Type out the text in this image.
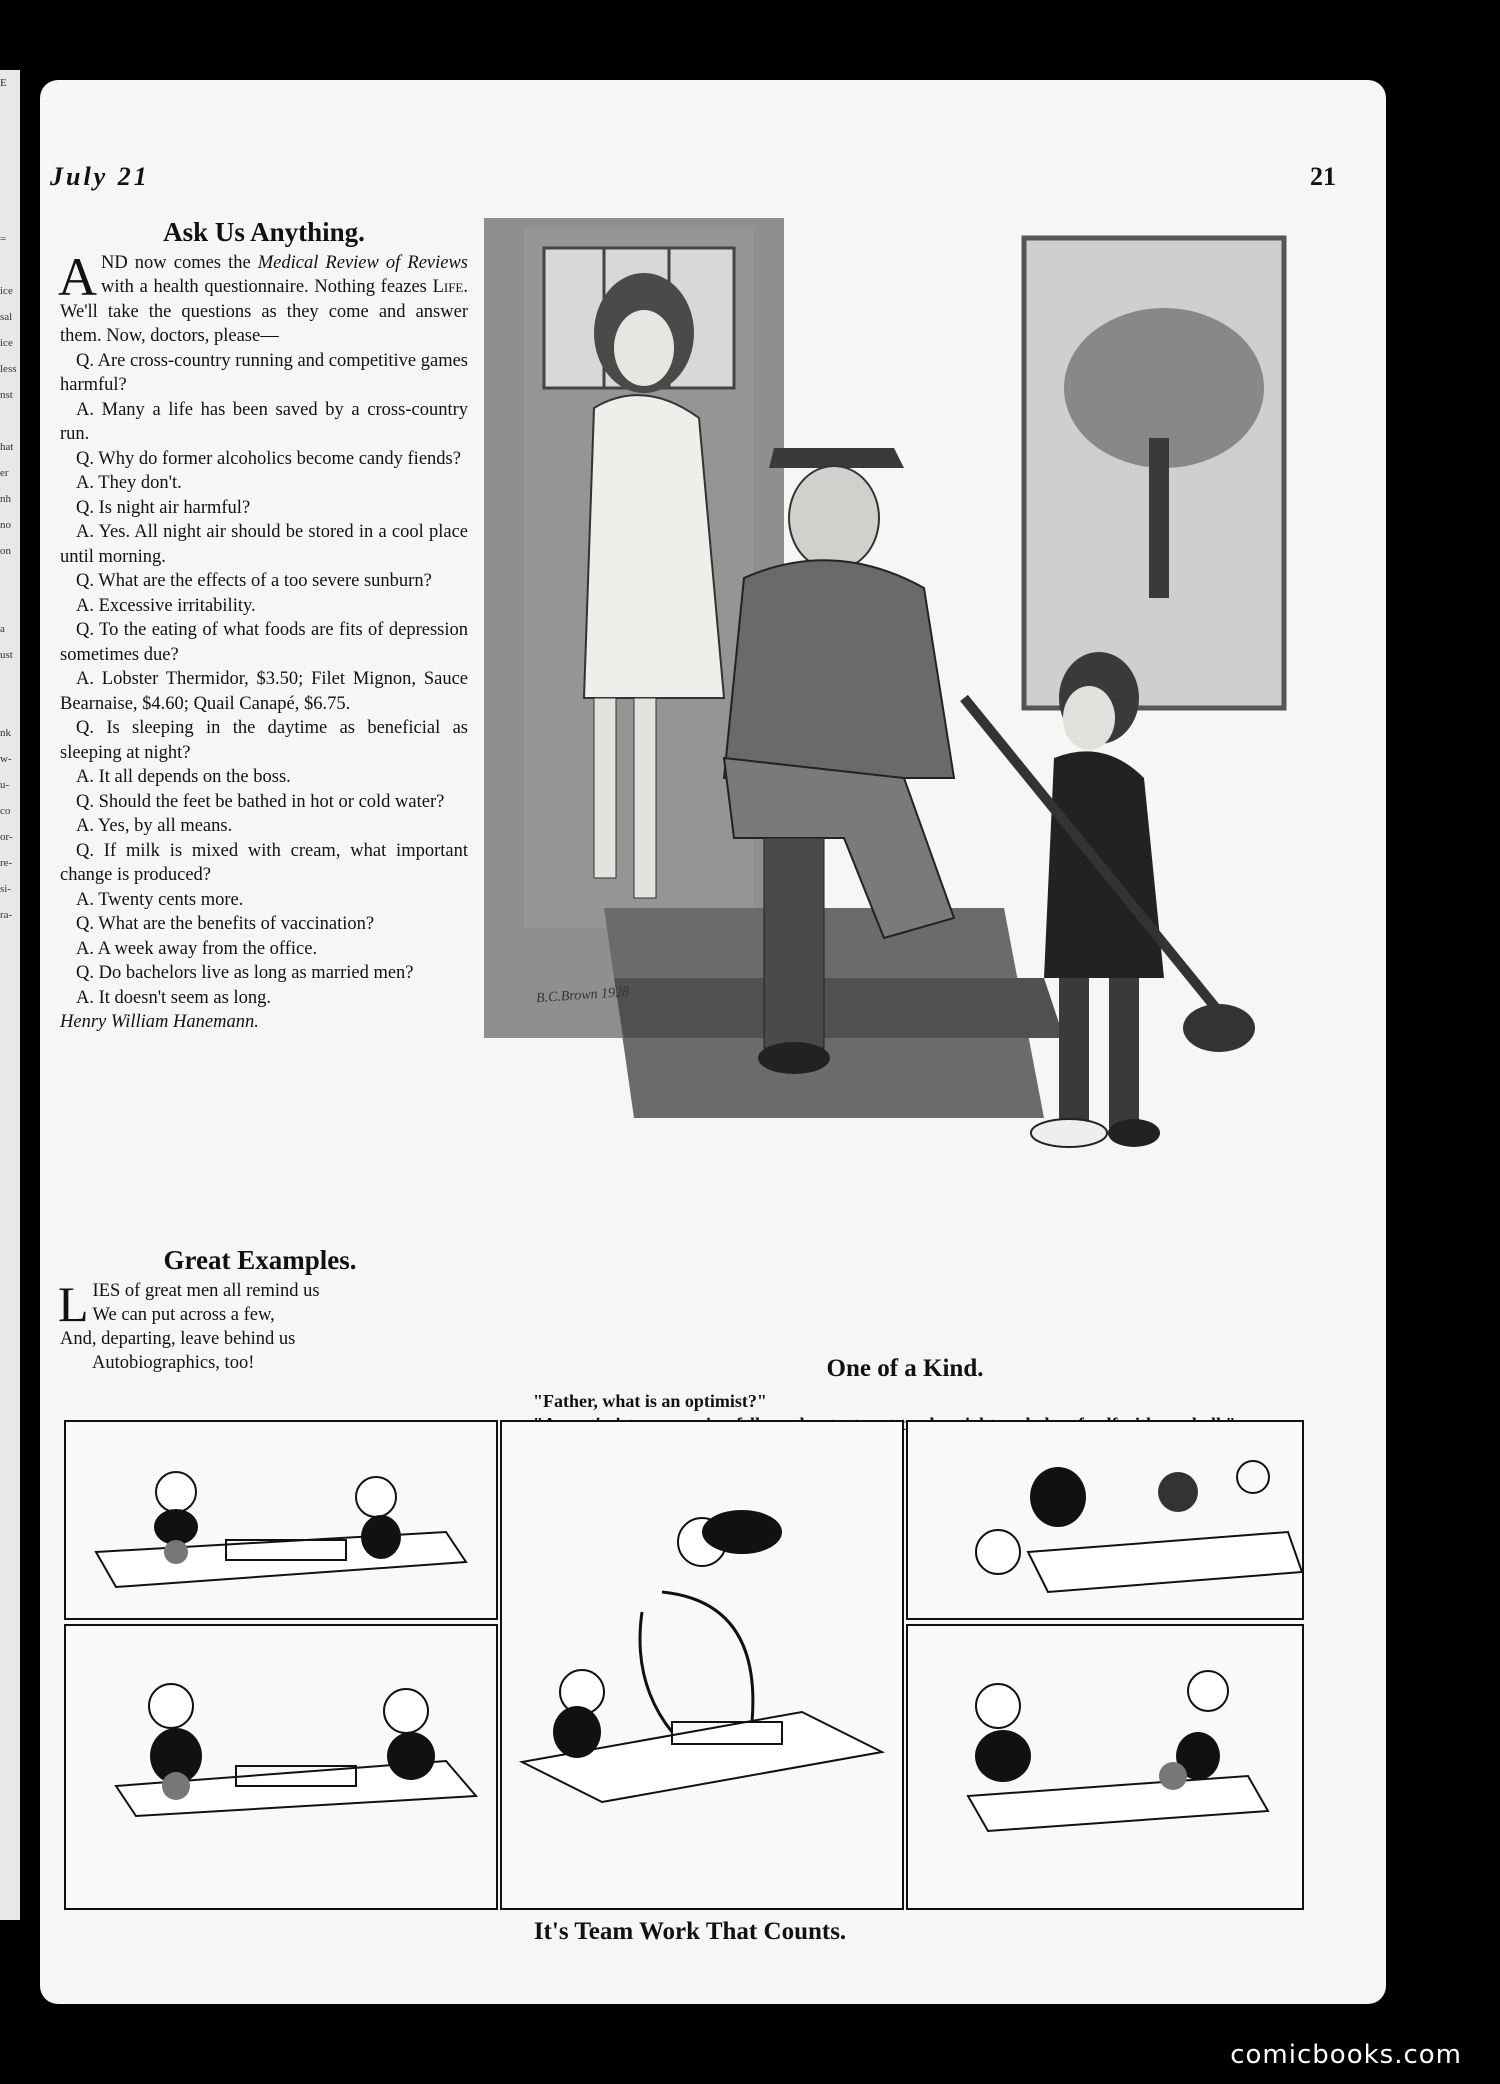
E

=

ice
sal
ice
less
nst

hat
er
nh
no
on

a
ust

nk
w-
u-
co
or-
re-
si-
ra-
July 21	21
Ask Us Anything.

AND now comes the Medical Review of Reviews with a health questionnaire. Nothing feazes Life. We'll take the questions as they come and answer them. Now, doctors, please—

Q. Are cross-country running and competitive games harmful?

A. Many a life has been saved by a cross-country run.

Q. Why do former alcoholics become candy fiends?

A. They don't.

Q. Is night air harmful?

A. Yes. All night air should be stored in a cool place until morning.

Q. What are the effects of a too severe sunburn?

A. Excessive irritability.

Q. To the eating of what foods are fits of depression sometimes due?

A. Lobster Thermidor, $3.50; Filet Mignon, Sauce Bearnaise, $4.60; Quail Canapé, $6.75.

Q. Is sleeping in the daytime as beneficial as sleeping at night?

A. It all depends on the boss.

Q. Should the feet be bathed in hot or cold water?

A. Yes, by all means.

Q. If milk is mixed with cream, what important change is produced?

A. Twenty cents more.

Q. What are the benefits of vaccination?

A. A week away from the office.

Q. Do bachelors live as long as married men?

A. It doesn't seem as long.

Henry William Hanemann.

Great Examples.
L IES of great men all remind us
We can put across a few,
And, departing, leave behind us
Autobiographics, too!
B.C.Brown 1928
One of a Kind.
"Father, what is an optimist?"
It's Team Work That Counts.
comicbooks.com
